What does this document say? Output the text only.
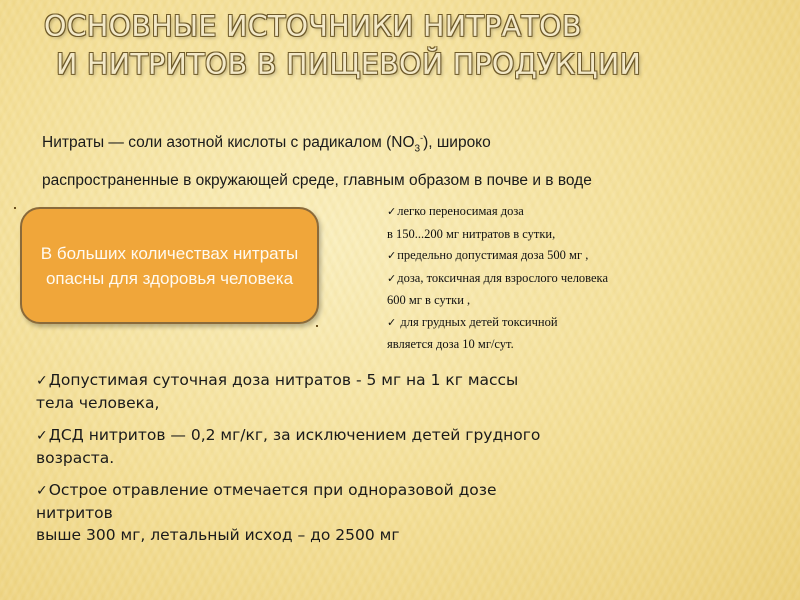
ОСНОВНЫЕ ИСТОЧНИКИ НИТРАТОВ
И НИТРИТОВ В ПИЩЕВОЙ ПРОДУКЦИИ
Нитраты — соли азотной кислоты с радикалом $(NO_3^-)$, широко
распространенные в окружающей среде, главным образом в почве и в воде
В больших количествах нитраты опасны для здоровья человека
✓легко переносимая доза
в 150...200 мг нитратов в сутки,
✓предельно допустимая доза 500 мг ,
✓доза, токсичная для взрослого человека
600 мг в сутки ,
✓ для грудных детей токсичной
является доза 10 мг/сут.
✓Допустимая суточная доза нитратов - 5 мг на 1 кг массы
тела человека,
✓ДСД нитритов — 0,2 мг/кг, за исключением детей грудного
возраста.
✓Острое отравление отмечается при одноразовой дозе
нитритов
выше 300 мг, летальный исход – до 2500 мг
